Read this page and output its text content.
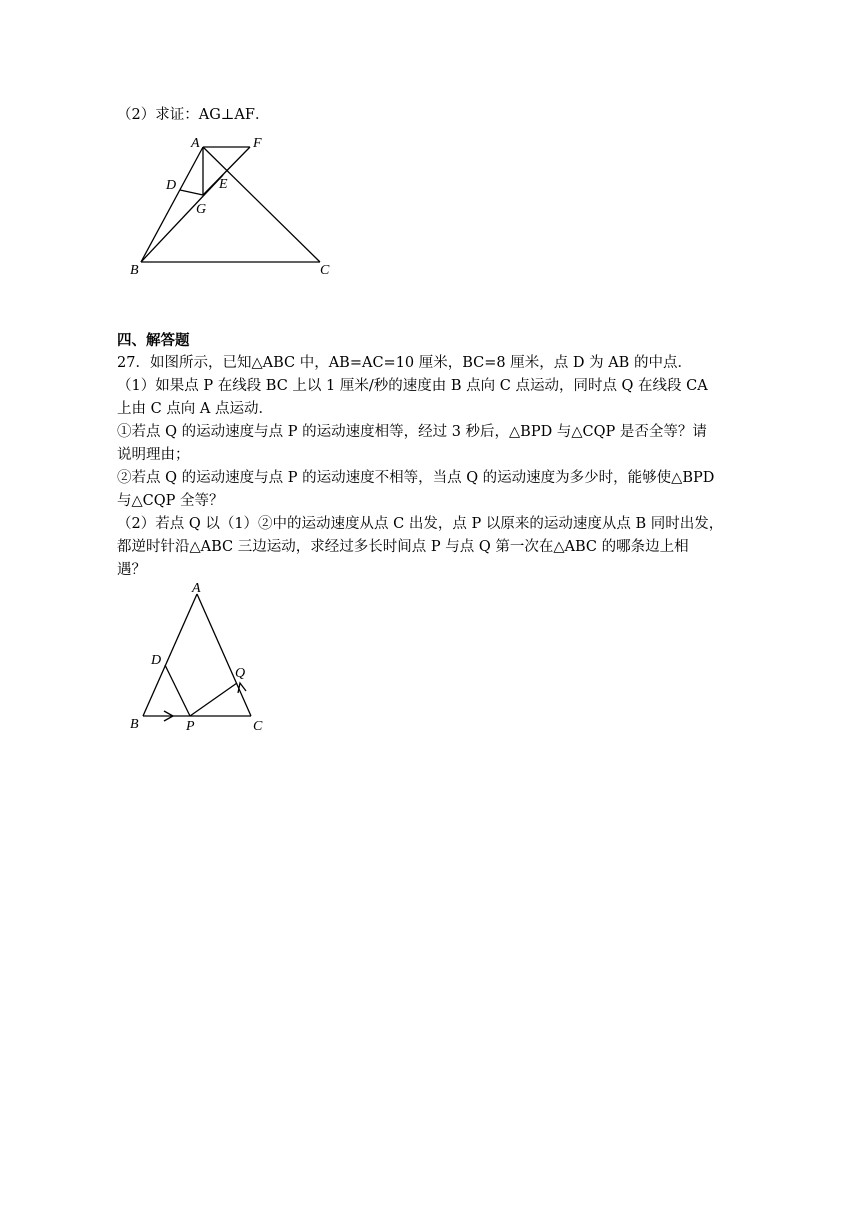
（2）求证：AG⊥AF．
A	F
D	E
G
B	C
四、解答题
27．如图所示，已知△ABC 中，AB=AC=10 厘米，BC=8 厘米，点 D 为 AB 的中点．
（1）如果点 P 在线段 BC 上以 1 厘米/秒的速度由 B 点向 C 点运动，同时点 Q 在线段 CA
上由 C 点向 A 点运动．
①若点 Q 的运动速度与点 P 的运动速度相等，经过 3 秒后，△BPD 与△CQP 是否全等？请
说明理由；
②若点 Q 的运动速度与点 P 的运动速度不相等，当点 Q 的运动速度为多少时，能够使△BPD
与△CQP 全等？
（2）若点 Q 以（1）②中的运动速度从点 C 出发，点 P 以原来的运动速度从点 B 同时出发，
都逆时针沿△ABC 三边运动，求经过多长时间点 P 与点 Q 第一次在△ABC 的哪条边上相
遇？
A
D
Q
B	P	C
